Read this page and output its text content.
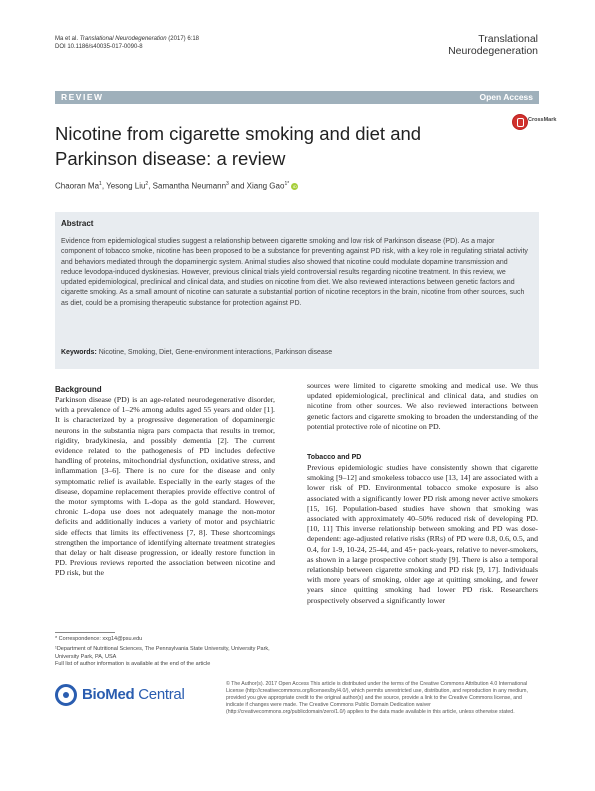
Ma et al. Translational Neurodegeneration (2017) 6:18
DOI 10.1186/s40035-017-0090-8
Translational
Neurodegeneration
REVIEW	Open Access
Nicotine from cigarette smoking and diet and Parkinson disease: a review
CrossMark
Chaoran Ma$^1$, Yesong Liu$^2$, Samantha Neumann$^3$ and Xiang Gao$^{1*}$ iD
Abstract
Evidence from epidemiological studies suggest a relationship between cigarette smoking and low risk of Parkinson disease (PD). As a major component of tobacco smoke, nicotine has been proposed to be a substance for preventing against PD risk, with a key role in regulating striatal activity and behaviors mediated through the dopaminergic system. Animal studies also showed that nicotine could modulate dopamine transmission and reduce levodopa-induced dyskinesias. However, previous clinical trials yield controversial results regarding nicotine treatment. In this review, we updated epidemiological, preclinical and clinical data, and studies on nicotine from diet. We also reviewed interactions between genetic factors and cigarette smoking. As a small amount of nicotine can saturate a substantial portion of nicotine receptors in the brain, nicotine from other sources, such as diet, could be a promising therapeutic substance for protection against PD.
Keywords: Nicotine, Smoking, Diet, Gene-environment interactions, Parkinson disease
Background
Parkinson disease (PD) is an age-related neurodegenerative disorder, with a prevalence of 1–2% among adults aged 55 years and older [1]. It is characterized by a progressive degeneration of dopaminergic neurons in the substantia nigra pars compacta that results in tremor, rigidity, bradykinesia, and possibly dementia [2]. The current evidence related to the pathogenesis of PD includes defective handling of proteins, mitochondrial dysfunction, oxidative stress, and inflammation [3–6]. There is no cure for the disease and only symptomatic relief is available. Especially in the early stages of the disease, dopamine replacement therapies provide effective control of the motor symptoms with L-dopa as the gold standard. However, chronic L-dopa use does not adequately manage the non-motor deficits and additionally induces a variety of motor and psychiatric side effects that limits its effectiveness [7, 8]. These shortcomings strengthen the importance of identifying alternate treatment strategies that delay or halt disease progression, or ideally restore function in PD. Previous reviews reported the association between nicotine and PD risk, but the
sources were limited to cigarette smoking and medical use. We thus updated epidemiological, preclinical and clinical data, and studies on nicotine from other sources. We also reviewed interactions between genetic factors and cigarette smoking to broaden the understanding of the potential protective role of nicotine on PD.
Tobacco and PD
Previous epidemiologic studies have consistently shown that cigarette smoking [9–12] and smokeless tobacco use [13, 14] are associated with a lower risk of PD. Environmental tobacco smoke exposure is also associated with a significantly lower PD risk among never active smokers [15, 16]. Population-based studies have shown that smoking was associated with approximately 40–50% reduced risk of developing PD. [10, 11] This inverse relationship between smoking and PD was dose-dependent: age-adjusted relative risks (RRs) of PD were 0.8, 0.6, 0.5, and 0.4, for 1-9, 10-24, 25-44, and 45+ pack-years, relative to never-smokers, as shown in a large prospective cohort study [9]. There is also a temporal relationship between cigarette smoking and PD risk [9, 17]. Individuals with more years of smoking, older age at quitting smoking, and fewer years since quitting smoking had lower PD risk. Researchers prospectively observed a significantly lower

* Correspondence: xxg14@psu.edu

¹Department of Nutritional Sciences, The Pennsylvania State University, University Park, University Park, PA, USA

Full list of author information is available at the end of the article

BioMed Central
© The Author(s). 2017 Open Access This article is distributed under the terms of the Creative Commons Attribution 4.0 International License (http://creativecommons.org/licenses/by/4.0/), which permits unrestricted use, distribution, and reproduction in any medium, provided you give appropriate credit to the original author(s) and the source, provide a link to the Creative Commons license, and indicate if changes were made. The Creative Commons Public Domain Dedication waiver (http://creativecommons.org/publicdomain/zero/1.0/) applies to the data made available in this article, unless otherwise stated.
